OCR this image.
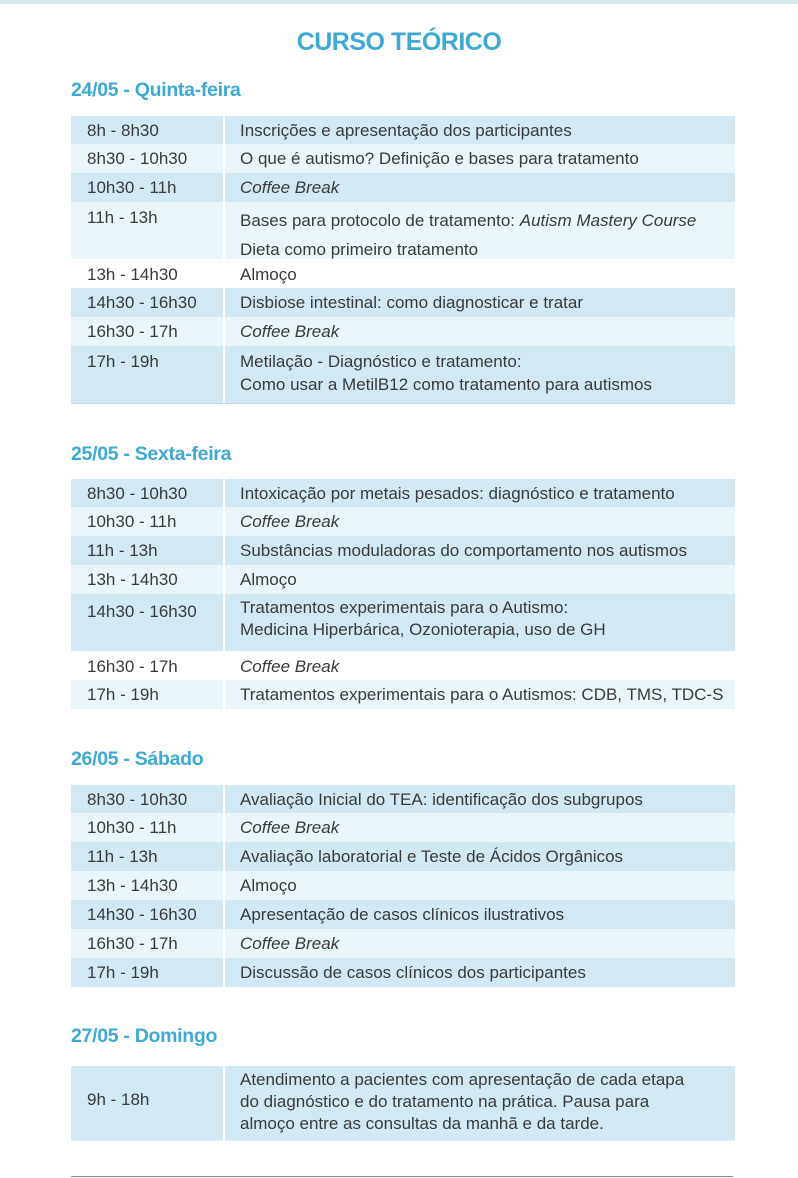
CURSO TEÓRICO
24/05 - Quinta-feira
8h - 8h30	Inscrições e apresentação dos participantes
8h30 - 10h30	O que é autismo? Definição e bases para tratamento
10h30 - 11h	Coffee Break
11h - 13h	Bases para protocolo de tratamento: Autism Mastery Course
Dieta como primeiro tratamento
13h - 14h30	Almoço
14h30 - 16h30	Disbiose intestinal: como diagnosticar e tratar
16h30 - 17h	Coffee Break
17h - 19h	Metilação - Diagnóstico e tratamento:
Como usar a MetilB12 como tratamento para autismos
25/05 - Sexta-feira
8h30 - 10h30	Intoxicação por metais pesados: diagnóstico e tratamento
10h30 - 11h	Coffee Break
11h - 13h	Substâncias moduladoras do comportamento nos autismos
13h - 14h30	Almoço
14h30 - 16h30	Tratamentos experimentais para o Autismo:
Medicina Hiperbárica, Ozonioterapia, uso de GH
16h30 - 17h	Coffee Break
17h - 19h	Tratamentos experimentais para o Autismos: CDB, TMS, TDC-S
26/05 - Sábado
8h30 - 10h30	Avaliação Inicial do TEA: identificação dos subgrupos
10h30 - 11h	Coffee Break
11h - 13h	Avaliação laboratorial e Teste de Ácidos Orgânicos
13h - 14h30	Almoço
14h30 - 16h30	Apresentação de casos clínicos ilustrativos
16h30 - 17h	Coffee Break
17h - 19h	Discussão de casos clínicos dos participantes
27/05 - Domingo
9h - 18h
Atendimento a pacientes com apresentação de cada etapa
do diagnóstico e do tratamento na prática. Pausa para
almoço entre as consultas da manhã e da tarde.
